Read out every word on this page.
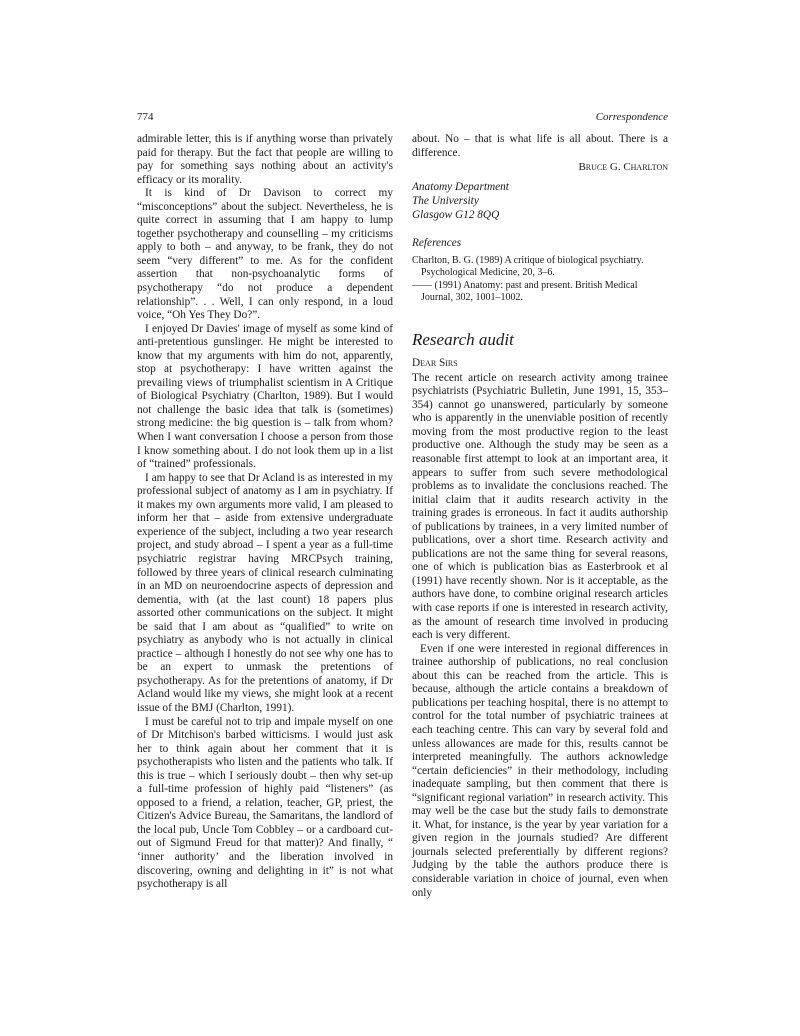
774	Correspondence

admirable letter, this is if anything worse than privately paid for therapy. But the fact that people are willing to pay for something says nothing about an activity's efficacy or its morality.

It is kind of Dr Davison to correct my “misconceptions” about the subject. Nevertheless, he is quite correct in assuming that I am happy to lump together psychotherapy and counselling – my criticisms apply to both – and anyway, to be frank, they do not seem “very different” to me. As for the confident assertion that non-psychoanalytic forms of psychotherapy “do not produce a dependent relationship”. . . Well, I can only respond, in a loud voice, “Oh Yes They Do?”.

I enjoyed Dr Davies' image of myself as some kind of anti-pretentious gunslinger. He might be interested to know that my arguments with him do not, apparently, stop at psychotherapy: I have written against the prevailing views of triumphalist scientism in A Critique of Biological Psychiatry (Charlton, 1989). But I would not challenge the basic idea that talk is (sometimes) strong medicine: the big question is – talk from whom? When I want conversation I choose a person from those I know something about. I do not look them up in a list of “trained” professionals.

I am happy to see that Dr Acland is as interested in my professional subject of anatomy as I am in psychiatry. If it makes my own arguments more valid, I am pleased to inform her that – aside from extensive undergraduate experience of the subject, including a two year research project, and study abroad – I spent a year as a full-time psychiatric registrar having MRCPsych training, followed by three years of clinical research culminating in an MD on neuroendocrine aspects of depression and dementia, with (at the last count) 18 papers plus assorted other communications on the subject. It might be said that I am about as “qualified” to write on psychiatry as anybody who is not actually in clinical practice – although I honestly do not see why one has to be an expert to unmask the pretentions of psychotherapy. As for the pretentions of anatomy, if Dr Acland would like my views, she might look at a recent issue of the BMJ (Charlton, 1991).

I must be careful not to trip and impale myself on one of Dr Mitchison's barbed witticisms. I would just ask her to think again about her comment that it is psychotherapists who listen and the patients who talk. If this is true – which I seriously doubt – then why set-up a full-time profession of highly paid “listeners” (as opposed to a friend, a relation, teacher, GP, priest, the Citizen's Advice Bureau, the Samaritans, the landlord of the local pub, Uncle Tom Cobbley – or a cardboard cut-out of Sigmund Freud for that matter)? And finally, “ ‘inner authority’ and the liberation involved in discovering, owning and delighting in it” is not what psychotherapy is all

about. No – that is what life is all about. There is a difference.

Bruce G. Charlton
Anatomy Department
The University
Glasgow G12 8QQ
References
Charlton, B. G. (1989) A critique of biological psychiatry. Psychological Medicine, 20, 3–6.
—— (1991) Anatomy: past and present. British Medical Journal, 302, 1001–1002.
Research audit
Dear Sirs

The recent article on research activity among trainee psychiatrists (Psychiatric Bulletin, June 1991, 15, 353–354) cannot go unanswered, particularly by someone who is apparently in the unenviable position of recently moving from the most productive region to the least productive one. Although the study may be seen as a reasonable first attempt to look at an important area, it appears to suffer from such severe methodological problems as to invalidate the conclusions reached. The initial claim that it audits research activity in the training grades is erroneous. In fact it audits authorship of publications by trainees, in a very limited number of publications, over a short time. Research activity and publications are not the same thing for several reasons, one of which is publication bias as Easterbrook et al (1991) have recently shown. Nor is it acceptable, as the authors have done, to combine original research articles with case reports if one is interested in research activity, as the amount of research time involved in producing each is very different.

Even if one were interested in regional differences in trainee authorship of publications, no real conclusion about this can be reached from the article. This is because, although the article contains a breakdown of publications per teaching hospital, there is no attempt to control for the total number of psychiatric trainees at each teaching centre. This can vary by several fold and unless allowances are made for this, results cannot be interpreted meaningfully. The authors acknowledge “certain deficiencies” in their methodology, including inadequate sampling, but then comment that there is “significant regional variation” in research activity. This may well be the case but the study fails to demonstrate it. What, for instance, is the year by year variation for a given region in the journals studied? Are different journals selected preferentially by different regions? Judging by the table the authors produce there is considerable variation in choice of journal, even when only
